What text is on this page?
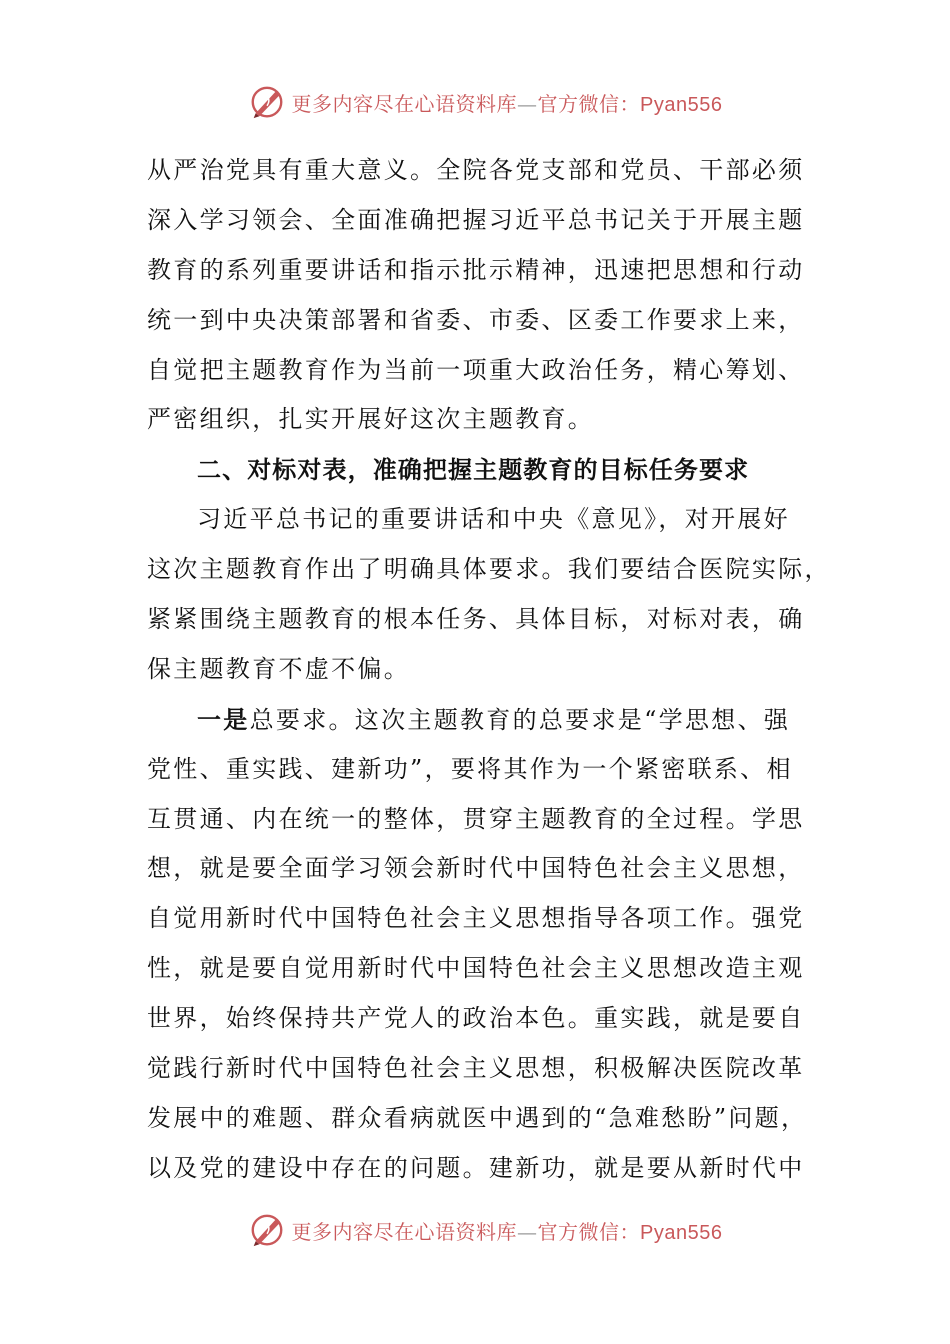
更多内容尽在心语资料库—官方微信：Pyan556
从严治党具有重大意义。全院各党支部和党员、干部必须
深入学习领会、全面准确把握习近平总书记关于开展主题
教育的系列重要讲话和指示批示精神，迅速把思想和行动
统一到中央决策部署和省委、市委、区委工作要求上来，
自觉把主题教育作为当前一项重大政治任务，精心筹划、
严密组织，扎实开展好这次主题教育。
二、对标对表，准确把握主题教育的目标任务要求
习近平总书记的重要讲话和中央《意见》，对开展好
这次主题教育作出了明确具体要求。我们要结合医院实际，
紧紧围绕主题教育的根本任务、具体目标，对标对表，确
保主题教育不虚不偏。
一是总要求。这次主题教育的总要求是“学思想、强
党性、重实践、建新功”，要将其作为一个紧密联系、相
互贯通、内在统一的整体，贯穿主题教育的全过程。学思
想，就是要全面学习领会新时代中国特色社会主义思想，
自觉用新时代中国特色社会主义思想指导各项工作。强党
性，就是要自觉用新时代中国特色社会主义思想改造主观
世界，始终保持共产党人的政治本色。重实践，就是要自
觉践行新时代中国特色社会主义思想，积极解决医院改革
发展中的难题、群众看病就医中遇到的“急难愁盼”问题，
以及党的建设中存在的问题。建新功，就是要从新时代中
更多内容尽在心语资料库—官方微信：Pyan556
